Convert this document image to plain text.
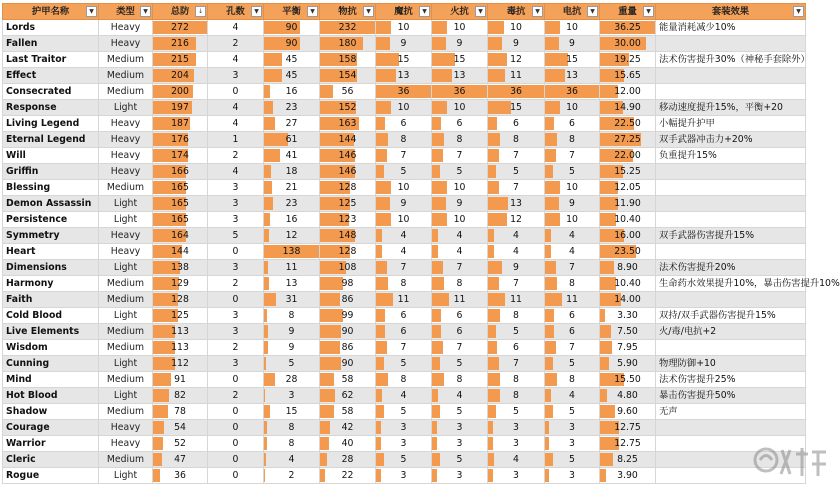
护甲名称 ▼	类型 ▼	总防 ↓	孔数 ▼	平衡 ▼	物抗 ▼	魔抗 ▼	火抗 ▼	毒抗 ▼	电抗 ▼	重量 ▼	套装效果 ▼

Lords	Heavy	272	4	90	232	10	10	10	10	36.25	能量消耗减少10%
Fallen	Heavy	216	2	90	180	9	9	9	9	30.00	

Last Traitor	Medium	215	4	45	158	15	15	12	15	19.25	法术伤害提升30%（神秘手套除外）
Effect	Medium	204	3	45	154	13	13	11	13	15.65	

Consecrated	Medium	200	0	16	56	36	36	36	36	12.00	

Response	Light	197	4	23	152	10	10	15	10	14.90	移动速度提升15%，平衡+20
Living Legend	Heavy	187	4	27	163	6	6	6	6	22.50	小幅提升护甲
Eternal Legend	Heavy	176	1	61	144	8	8	8	8	27.25	双手武器冲击力+20%
Will	Heavy	174	2	41	146	7	7	7	7	22.00	负重提升15%
Griffin	Heavy	166	4	18	146	5	5	5	5	15.25	

Blessing	Medium	165	3	21	128	10	10	7	10	12.05	

Demon Assassin	Light	165	3	23	125	9	9	13	9	11.90	

Persistence	Light	165	3	16	123	10	10	12	10	10.40	

Symmetry	Heavy	164	5	12	148	4	4	4	4	16.00	双手武器伤害提升15%
Heart	Heavy	144	0	138	128	4	4	4	4	23.50	

Dimensions	Light	138	3	11	108	7	7	9	7	8.90	法术伤害提升20%
Harmony	Medium	129	2	13	98	8	8	7	8	10.40	生命药水效果提升10%，暴击伤害提升10%
Faith	Medium	128	0	31	86	11	11	11	11	14.00	

Cold Blood	Light	125	3	8	99	6	6	8	6	3.30	双持/双手武器伤害提升15%
Live Elements	Medium	113	3	9	90	6	6	5	6	7.50	火/毒/电抗+2
Wisdom	Medium	113	2	9	86	7	7	6	7	7.95	

Cunning	Light	112	3	5	90	5	5	7	5	5.90	物理防御+10
Mind	Medium	91	0	28	58	8	8	8	8	15.50	法术伤害提升25%
Hot Blood	Light	82	2	3	62	4	4	8	4	4.80	暴击伤害提升50%
Shadow	Medium	78	0	15	58	5	5	5	5	9.60	无声
Courage	Heavy	54	0	8	42	3	3	3	3	12.75	

Warrior	Heavy	52	0	8	40	3	3	3	3	12.75	

Cleric	Medium	47	0	4	28	5	5	4	5	8.25	

Rogue	Light	36	0	2	22	3	3	3	3	3.90	
